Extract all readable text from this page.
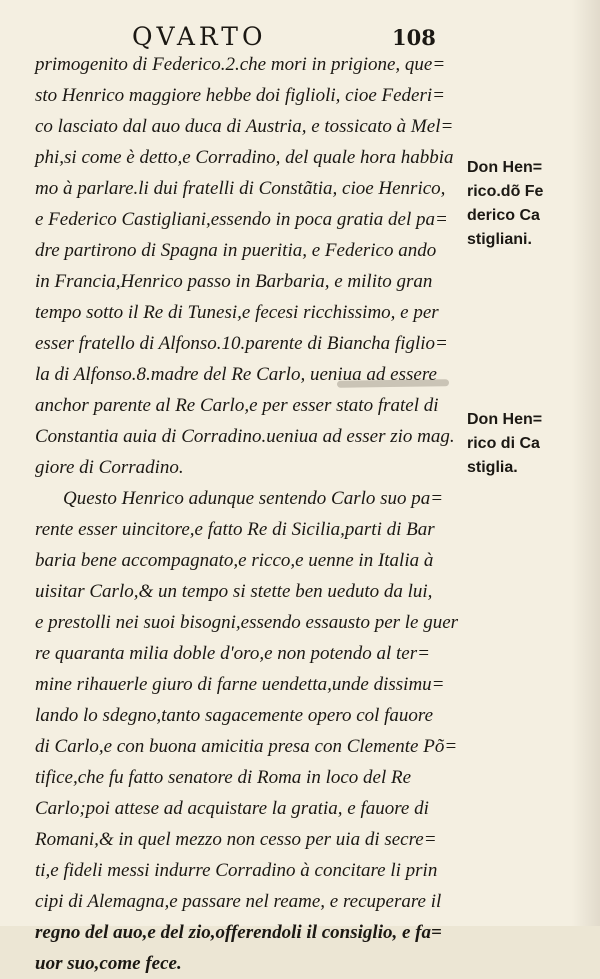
QVARTO	108
primogenito di Federico.2.che mori in prigione, que=
sto Henrico maggiore hebbe doi figlioli, cioe Federi=
co lasciato dal auo duca di Austria, e tossicato à Mel=
phi,si come è detto,e Corradino, del quale hora habbia
mo à parlare.li dui fratelli di Constãtia, cioe Henrico,
e Federico Castigliani,essendo in poca gratia del pa=
dre partirono di Spagna in pueritia, e Federico ando
in Francia,Henrico passo in Barbaria, e milito gran
tempo sotto il Re di Tunesi,e fecesi ricchissimo, e per
esser fratello di Alfonso.10.parente di Biancha figlio=
la di Alfonso.8.madre del Re Carlo, ueniua ad essere
anchor parente al Re Carlo,e per esser stato fratel di
Constantia auia di Corradino.ueniua ad esser zio mag.
giore di Corradino.
Questo Henrico adunque sentendo Carlo suo pa=
rente esser uincitore,e fatto Re di Sicilia,parti di Bar
baria bene accompagnato,e ricco,e uenne in Italia à
uisitar Carlo,& un tempo si stette ben ueduto da lui,
e prestolli nei suoi bisogni,essendo essausto per le guer
re quaranta milia doble d'oro,e non potendo al ter=
mine rihauerle giuro di farne uendetta,unde dissimu=
lando lo sdegno,tanto sagacemente opero col fauore
di Carlo,e con buona amicitia presa con Clemente Põ=
tifice,che fu fatto senatore di Roma in loco del Re
Carlo;poi attese ad acquistare la gratia, e fauore di
Romani,& in quel mezzo non cesso per uia di secre=
ti,e fideli messi indurre Corradino à concitare li prin
cipi di Alemagna,e passare nel reame, e recuperare il
regno del auo,e del zio,offerendoli il consiglio, e fa=
uor suo,come fece.
Don Hen=
rico.dõ Fe
derico Ca
stigliani.
Don Hen=
rico di Ca
stiglia.
